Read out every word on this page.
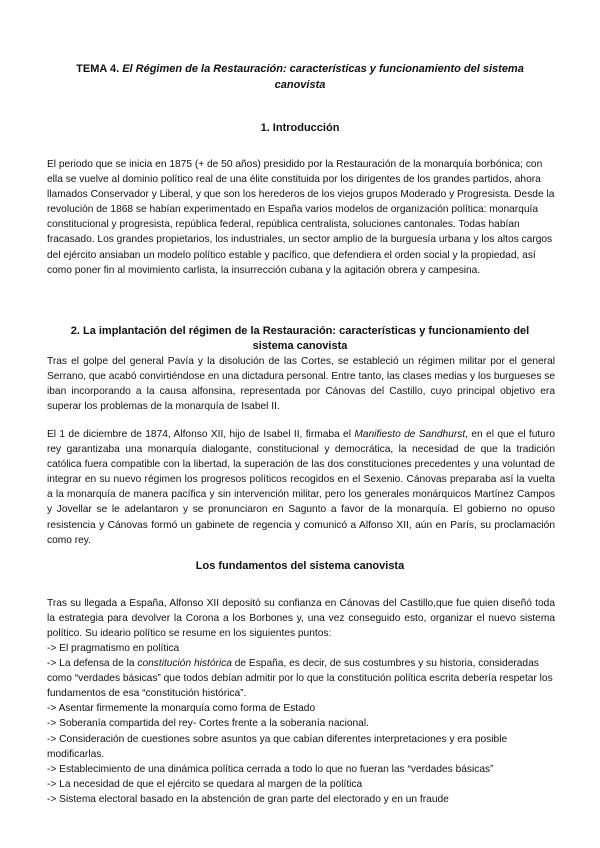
TEMA 4. El Régimen de la Restauración: características y funcionamiento del sistema canovista
1. Introducción

El periodo que se inicia en 1875 (+ de 50 años) presidido por la Restauración de la monarquía borbónica; con ella se vuelve al dominio político real de una élite constituida por los dirigentes de los grandes partidos, ahora llamados Conservador y Liberal, y que son los herederos de los viejos grupos Moderado y Progresista. Desde la revolución de 1868 se habían experimentado en España varios modelos de organización política: monarquía constitucional y progresista, república federal, república centralista, soluciones cantonales. Todas habían fracasado. Los grandes propietarios, los industriales, un sector amplio de la burguesía urbana y los altos cargos del ejército ansiaban un modelo político estable y pacífico, que defendiera el orden social y la propiedad, así como poner fin al movimiento carlista, la insurrección cubana y la agitación obrera y campesina.

2. La implantación del régimen de la Restauración: características y funcionamiento del sistema canovista

Tras el golpe del general Pavía y la disolución de las Cortes, se estableció un régimen militar por el general Serrano, que acabó convirtiéndose en una dictadura personal. Entre tanto, las clases medias y los burgueses se iban incorporando a la causa alfonsina, representada por Cánovas del Castillo, cuyo principal objetivo era superar los problemas de la monarquía de Isabel II.

El 1 de diciembre de 1874, Alfonso XII, hijo de Isabel II, firmaba el Manifiesto de Sandhurst, en el que el futuro rey garantizaba una monarquía dialogante, constitucional y democrática, la necesidad de que la tradición católica fuera compatible con la libertad, la superación de las dos constituciones precedentes y una voluntad de integrar en su nuevo régimen los progresos políticos recogidos en el Sexenio. Cánovas preparaba así la vuelta a la monarquía de manera pacífica y sin intervención militar, pero los generales monárquicos Martínez Campos y Jovellar se le adelantaron y se pronunciaron en Sagunto a favor de la monarquía. El gobierno no opuso resistencia y Cánovas formó un gabinete de regencia y comunicó a Alfonso XII, aún en París, su proclamación como rey.

Los fundamentos del sistema canovista

Tras su llegada a España, Alfonso XII depositó su confianza en Cánovas del Castillo,que fue quien diseñó toda la estrategia para devolver la Corona a los Borbones y, una vez conseguido esto, organizar el nuevo sistema político. Su ideario político se resume en los siguientes puntos:

-> El pragmatismo en política

-> La defensa de la constitución histórica de España, es decir, de sus costumbres y su historia, consideradas como “verdades básicas” que todos debían admitir por lo que la constitución política escrita debería respetar los fundamentos de esa “constitución histórica”.

-> Asentar firmemente la monarquía como forma de Estado

-> Soberanía compartida del rey- Cortes frente a la soberanía nacional.

-> Consideración de cuestiones sobre asuntos ya que cabían diferentes interpretaciones y era posible modificarlas.

-> Establecimiento de una dinámica política cerrada a todo lo que no fueran las “verdades básicas”

-> La necesidad de que el ejército se quedara al margen de la política

-> Sistema electoral basado en la abstención de gran parte del electorado y en un fraude
